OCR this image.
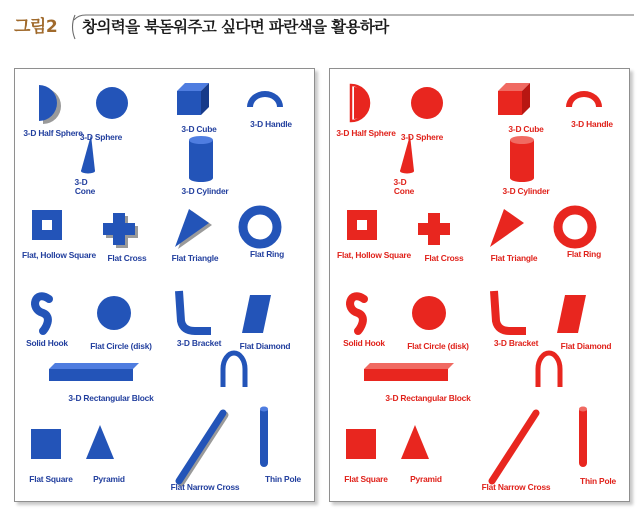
그림2 창의력을 북돋워주고 싶다면 파란색을 활용하라
3-D Half Sphere
3-D Sphere
3-D Cube	3-D Handle
3-D
Cone	3-D Cylinder
Flat, Hollow Square Flat Cross	Flat Triangle	Flat Ring
Solid Hook	Flat Circle (disk)	3-D Bracket Flat Diamond
3-D Rectangular Block
Flat Square Pyramid
Flat Narrow Cross
Thin Pole
3-D Half Sphere 3-D Sphere
3-D Cube	3-D Handle
3-D
Cone	3-D Cylinder
Flat, Hollow Square Flat Cross	Flat Triangle	Flat Ring
Solid Hook	Flat Circle (disk)	3-D Bracket	Flat Diamond
3-D Rectangular Block
Flat Square	Pyramid
Flat Narrow Cross
Thin Pole
